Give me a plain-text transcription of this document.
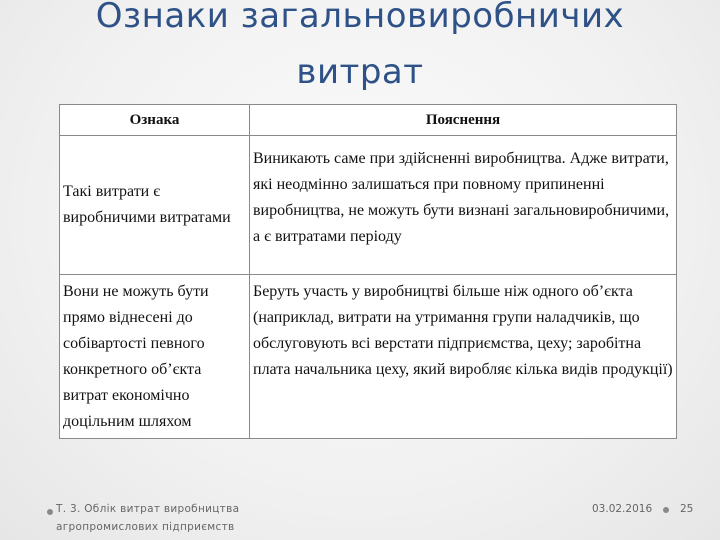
Ознаки загальновиробничих
витрат
Ознака	Пояснення

Такі витрати є виробничими витратами	Виникають саме при здійсненні виробництва. Адже витрати, які неодмінно залишаться при повному припиненні виробництва, не можуть бути визнані загальновиробничими, а є витратами періоду

Вони не можуть бути прямо віднесені до собівартості певного конкретного об’єкта витрат економічно доцільним шляхом	Беруть участь у виробництві більше ніж одного об’єкта (наприклад, витрати на утримання групи наладчиків, що обслуговують всі верстати підприємства, цеху; заробітна плата начальника цеху, який виробляє кілька видів продукції)
Т. 3. Облік витрат виробництва
агропромислових підприємств
03.02.2016	25
